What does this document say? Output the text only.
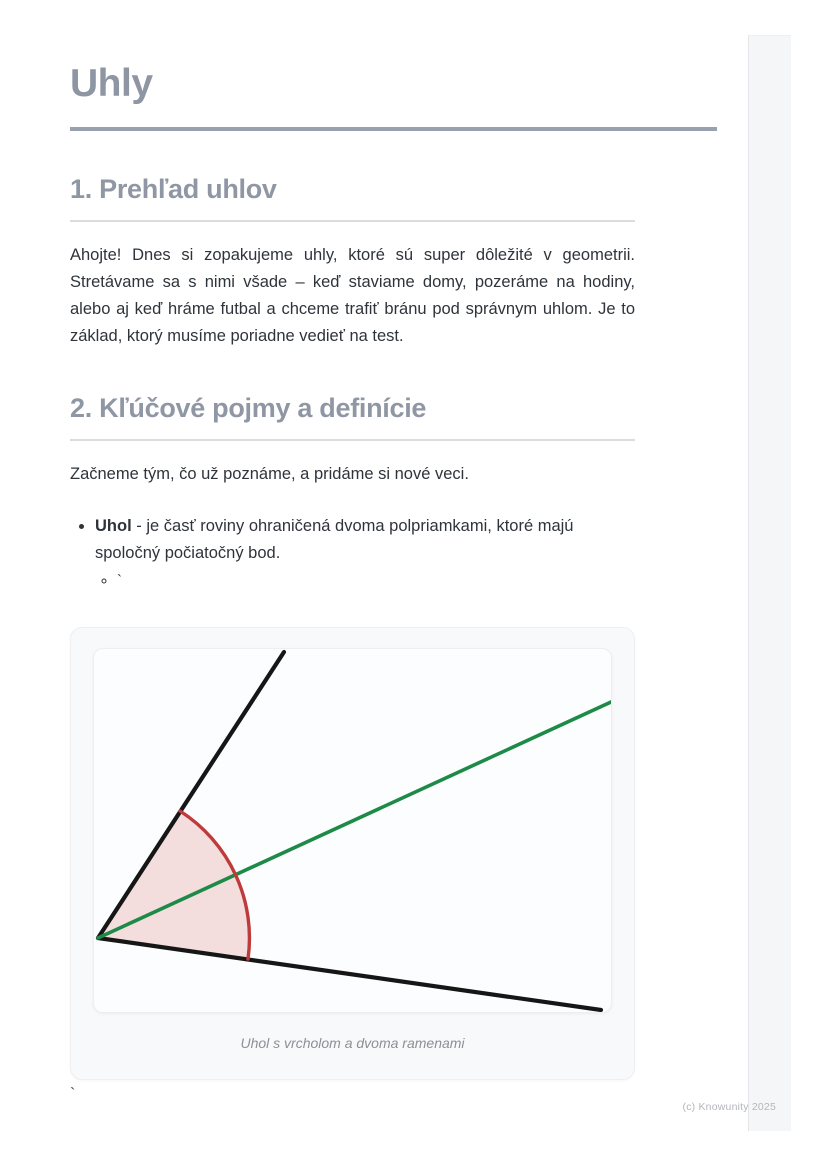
Uhly
1. Prehľad uhlov

Ahojte! Dnes si zopakujeme uhly, ktoré sú super dôležité v geometrii. Stretávame sa s nimi všade – keď staviame domy, pozeráme na hodiny, alebo aj keď hráme futbal a chceme trafiť bránu pod správnym uhlom. Je to základ, ktorý musíme poriadne vedieť na test.

2. Kľúčové pojmy a definície

Začneme tým, čo už poznáme, a pridáme si nové veci.

• Uhol - je časť roviny ohraničená dvoma polpriamkami, ktoré majú spoločný počiatočný bod.
◦ `
Uhol s vrcholom a dvoma ramenami
`
(c) Knowunity 2025
